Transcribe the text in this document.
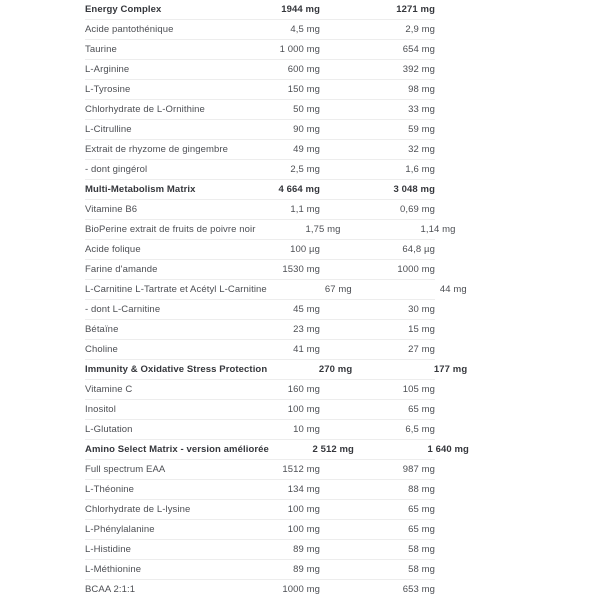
Energy Complex	1944 mg	1271 mg
Acide pantothénique	4,5 mg	2,9 mg
Taurine	1 000 mg	654 mg
L-Arginine	600 mg	392 mg
L-Tyrosine	150 mg	98 mg
Chlorhydrate de L-Ornithine	50 mg	33 mg
L-Citrulline	90 mg	59 mg
Extrait de rhyzome de gingembre	49 mg	32 mg
- dont gingérol	2,5 mg	1,6 mg
Multi-Metabolism Matrix	4 664 mg	3 048 mg
Vitamine B6	1,1 mg	0,69 mg
BioPerine extrait de fruits de poivre noir	1,75 mg	1,14 mg
Acide folique	100 µg	64,8 µg
Farine d'amande	1530 mg	1000 mg
L-Carnitine L-Tartrate et Acétyl L-Carnitine	67 mg	44 mg
- dont L-Carnitine	45 mg	30 mg
Bétaïne	23 mg	15 mg
Choline	41 mg	27 mg
Immunity & Oxidative Stress Protection	270 mg	177 mg
Vitamine C	160 mg	105 mg
Inositol	100 mg	65 mg
L-Glutation	10 mg	6,5 mg
Amino Select Matrix - version améliorée	2 512 mg	1 640 mg
Full spectrum EAA	1512 mg	987 mg
L-Théonine	134 mg	88 mg
Chlorhydrate de L-lysine	100 mg	65 mg
L-Phénylalanine	100 mg	65 mg
L-Histidine	89 mg	58 mg
L-Méthionine	89 mg	58 mg
BCAA 2:1:1	1000 mg	653 mg
